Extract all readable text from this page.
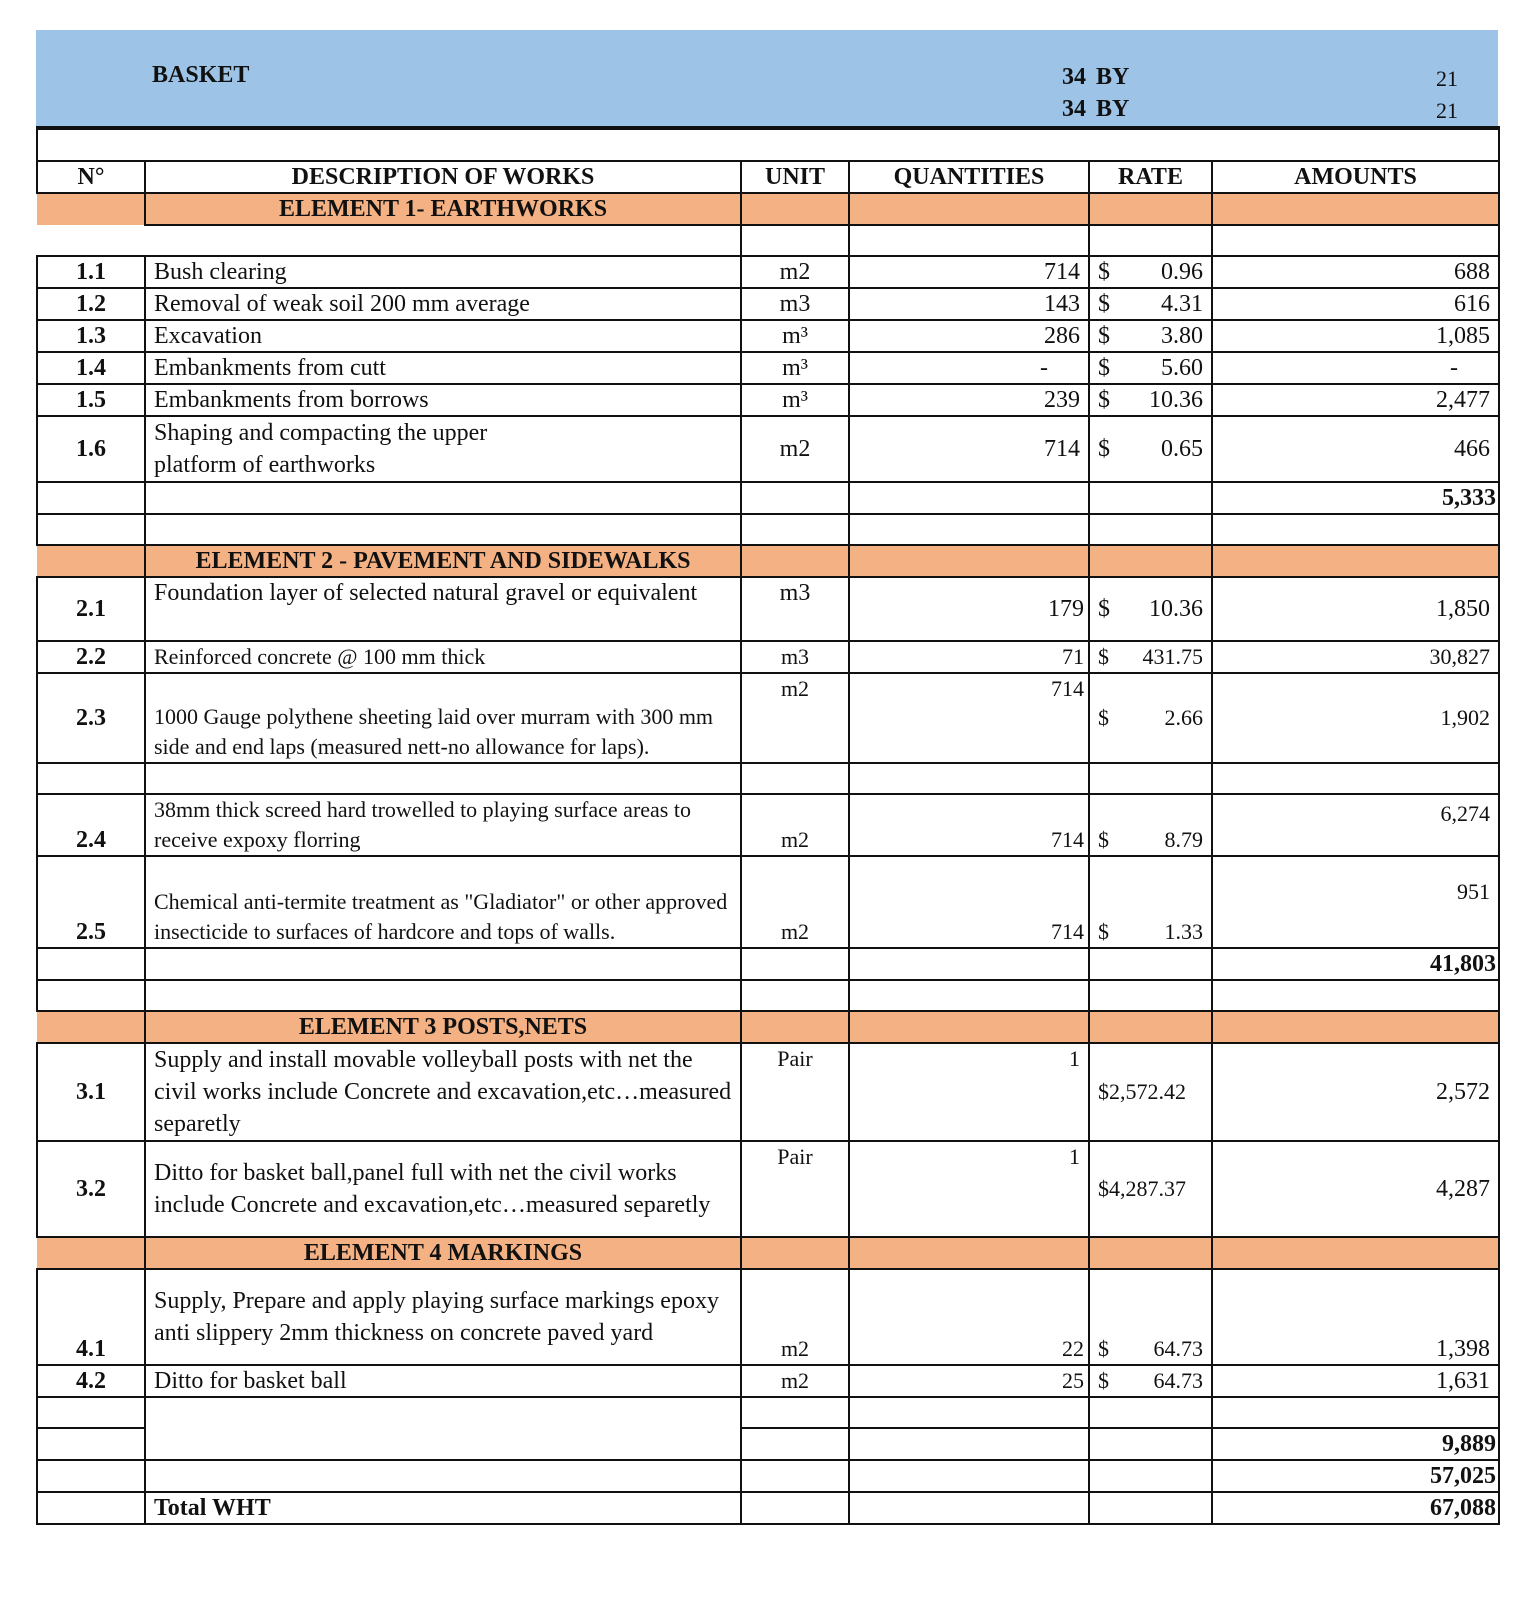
BASKET	34 BY	21
34 BY	21

N°	DESCRIPTION OF WORKS	UNIT	QUANTITIES	RATE	AMOUNTS
	ELEMENT 1- EARTHWORKS				

1.1	Bush clearing	m2	714	$ 0.96	688
1.2	Removal of weak soil 200 mm average	m3	143	$ 4.31	616
1.3	Excavation	m³	286	$ 3.80	1,085
1.4	Embankments from cutt	m³	-	$ 5.60	-
1.5	Embankments from borrows	m³	239	$ 10.36	2,477
1.6	Shaping and compacting the upper platform of earthworks	m2	714	$ 0.65	466
					5,333

	ELEMENT 2 - PAVEMENT AND SIDEWALKS				
2.1	Foundation layer of selected natural gravel or equivalent	m3	179	$ 10.36	1,850
2.2	Reinforced concrete @ 100 mm thick	m3	71	$ 431.75	30,827
2.3	1000 Gauge polythene sheeting laid over murram with 300 mm side and end laps (measured nett-no allowance for laps).	m2	714	$ 2.66	1,902

2.4	38mm thick screed hard trowelled to playing surface areas to receive expoxy florring	m2	714	$ 8.79	6,274
2.5	Chemical anti-termite treatment as "Gladiator" or other approved insecticide to surfaces of hardcore and tops of walls.	m2	714	$ 1.33	951
					41,803

	ELEMENT 3 POSTS,NETS				
3.1	Supply and install movable volleyball posts with net the civil works include Concrete and excavation,etc…measured separetly	Pair	1	$2,572.42	2,572
3.2	Ditto for basket ball,panel full with net the civil works include Concrete and excavation,etc…measured separetly	Pair	1	$4,287.37	4,287
	ELEMENT 4 MARKINGS				
4.1	Supply, Prepare and apply playing surface markings epoxy anti slippery 2mm thickness on concrete paved yard	m2	22	$ 64.73	1,398
4.2	Ditto for basket ball	m2	25	$ 64.73	1,631

					9,889
					57,025
	Total WHT				67,088
